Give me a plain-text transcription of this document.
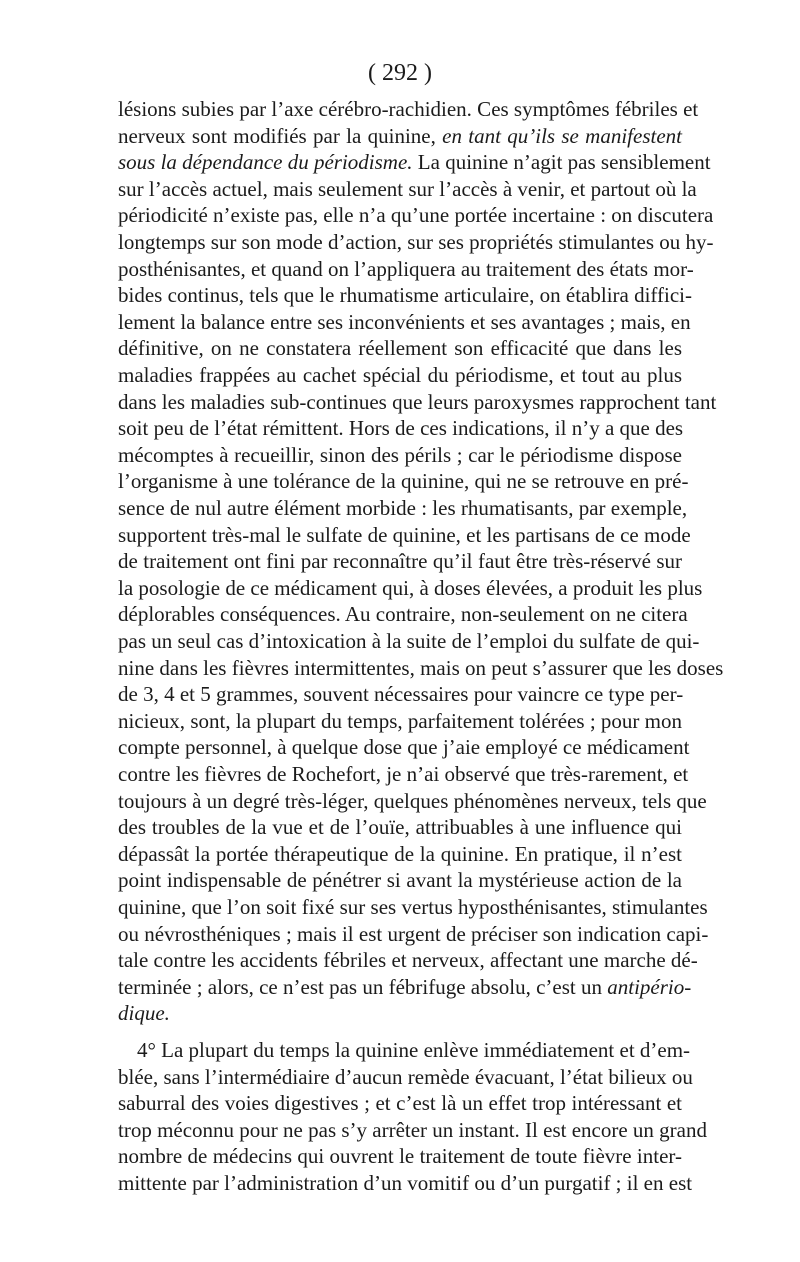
( 292 )
lésions subies par l’axe cérébro-rachidien. Ces symptômes fébriles et
nerveux sont modifiés par la quinine, en tant qu’ils se manifestent
sous la dépendance du périodisme. La quinine n’agit pas sensiblement
sur l’accès actuel, mais seulement sur l’accès à venir, et partout où la
périodicité n’existe pas, elle n’a qu’une portée incertaine : on discutera
longtemps sur son mode d’action, sur ses propriétés stimulantes ou hy-
posthénisantes, et quand on l’appliquera au traitement des états mor-
bides continus, tels que le rhumatisme articulaire, on établira diffici-
lement la balance entre ses inconvénients et ses avantages ; mais, en
définitive, on ne constatera réellement son efficacité que dans les
maladies frappées au cachet spécial du périodisme, et tout au plus
dans les maladies sub-continues que leurs paroxysmes rapprochent tant
soit peu de l’état rémittent. Hors de ces indications, il n’y a que des
mécomptes à recueillir, sinon des périls ; car le périodisme dispose
l’organisme à une tolérance de la quinine, qui ne se retrouve en pré-
sence de nul autre élément morbide : les rhumatisants, par exemple,
supportent très-mal le sulfate de quinine, et les partisans de ce mode
de traitement ont fini par reconnaître qu’il faut être très-réservé sur
la posologie de ce médicament qui, à doses élevées, a produit les plus
déplorables conséquences. Au contraire, non-seulement on ne citera
pas un seul cas d’intoxication à la suite de l’emploi du sulfate de qui-
nine dans les fièvres intermittentes, mais on peut s’assurer que les doses
de 3, 4 et 5 grammes, souvent nécessaires pour vaincre ce type per-
nicieux, sont, la plupart du temps, parfaitement tolérées ; pour mon
compte personnel, à quelque dose que j’aie employé ce médicament
contre les fièvres de Rochefort, je n’ai observé que très-rarement, et
toujours à un degré très-léger, quelques phénomènes nerveux, tels que
des troubles de la vue et de l’ouïe, attribuables à une influence qui
dépassât la portée thérapeutique de la quinine. En pratique, il n’est
point indispensable de pénétrer si avant la mystérieuse action de la
quinine, que l’on soit fixé sur ses vertus hyposthénisantes, stimulantes
ou névrosthéniques ; mais il est urgent de préciser son indication capi-
tale contre les accidents fébriles et nerveux, affectant une marche dé-
terminée ; alors, ce n’est pas un fébrifuge absolu, c’est un antipério-
dique.
4° La plupart du temps la quinine enlève immédiatement et d’em-
blée, sans l’intermédiaire d’aucun remède évacuant, l’état bilieux ou
saburral des voies digestives ; et c’est là un effet trop intéressant et
trop méconnu pour ne pas s’y arrêter un instant. Il est encore un grand
nombre de médecins qui ouvrent le traitement de toute fièvre inter-
mittente par l’administration d’un vomitif ou d’un purgatif ; il en est
